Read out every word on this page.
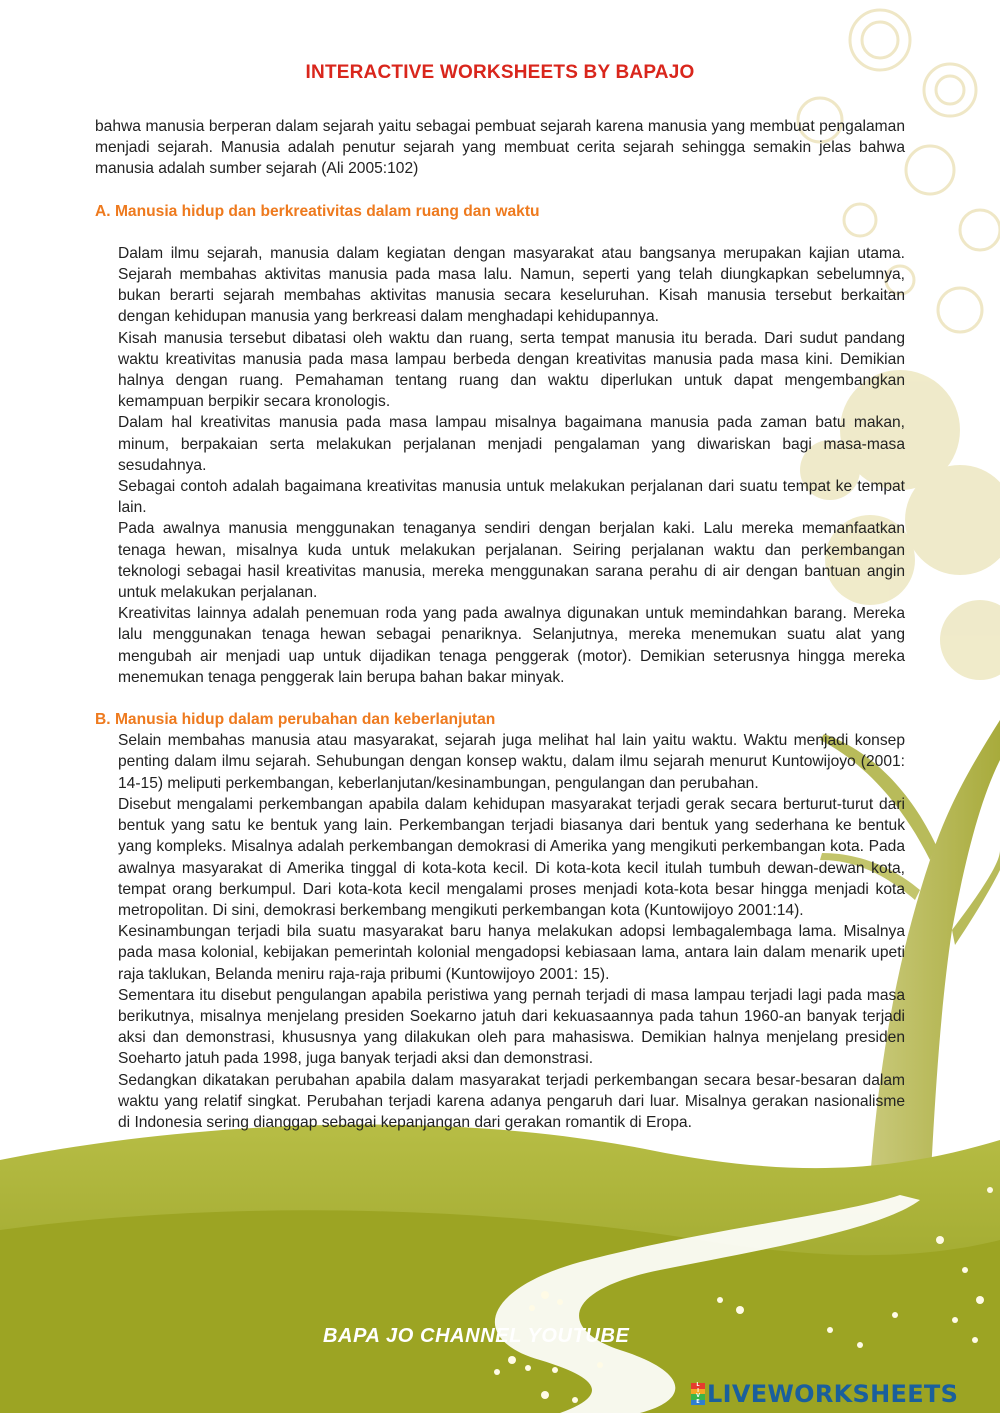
INTERACTIVE WORKSHEETS BY BAPAJO

bahwa manusia berperan dalam sejarah yaitu sebagai pembuat sejarah karena manusia yang membuat pengalaman menjadi sejarah. Manusia adalah penutur sejarah yang membuat cerita sejarah sehingga semakin jelas bahwa manusia adalah sumber sejarah (Ali 2005:102)

A. Manusia hidup dan berkreativitas dalam ruang dan waktu

Dalam ilmu sejarah, manusia dalam kegiatan dengan masyarakat atau bangsanya merupakan kajian utama. Sejarah membahas aktivitas manusia pada masa lalu. Namun, seperti yang telah diungkapkan sebelumnya, bukan berarti sejarah membahas aktivitas manusia secara keseluruhan. Kisah manusia tersebut berkaitan dengan kehidupan manusia yang berkreasi dalam menghadapi kehidupannya.

Kisah manusia tersebut dibatasi oleh waktu dan ruang, serta tempat manusia itu berada. Dari sudut pandang waktu kreativitas manusia pada masa lampau berbeda dengan kreativitas manusia pada masa kini. Demikian halnya dengan ruang. Pemahaman tentang ruang dan waktu diperlukan untuk dapat mengembangkan kemampuan berpikir secara kronologis.

Dalam hal kreativitas manusia pada masa lampau misalnya bagaimana manusia pada zaman batu makan, minum, berpakaian serta melakukan perjalanan menjadi pengalaman yang diwariskan bagi masa-masa sesudahnya.

Sebagai contoh adalah bagaimana kreativitas manusia untuk melakukan perjalanan dari suatu tempat ke tempat lain.

Pada awalnya manusia menggunakan tenaganya sendiri dengan berjalan kaki. Lalu mereka memanfaatkan tenaga hewan, misalnya kuda untuk melakukan perjalanan. Seiring perjalanan waktu dan perkembangan teknologi sebagai hasil kreativitas manusia, mereka menggunakan sarana perahu di air dengan bantuan angin untuk melakukan perjalanan.

Kreativitas lainnya adalah penemuan roda yang pada awalnya digunakan untuk memindahkan barang. Mereka lalu menggunakan tenaga hewan sebagai penariknya. Selanjutnya, mereka menemukan suatu alat yang mengubah air menjadi uap untuk dijadikan tenaga penggerak (motor). Demikian seterusnya hingga mereka menemukan tenaga penggerak lain berupa bahan bakar minyak.

B. Manusia hidup dalam perubahan dan keberlanjutan

Selain membahas manusia atau masyarakat, sejarah juga melihat hal lain yaitu waktu. Waktu menjadi konsep penting dalam ilmu sejarah. Sehubungan dengan konsep waktu, dalam ilmu sejarah menurut Kuntowijoyo (2001: 14-15) meliputi perkembangan, keberlanjutan/kesinambungan, pengulangan dan perubahan.

Disebut mengalami perkembangan apabila dalam kehidupan masyarakat terjadi gerak secara berturut-turut dari bentuk yang satu ke bentuk yang lain. Perkembangan terjadi biasanya dari bentuk yang sederhana ke bentuk yang kompleks. Misalnya adalah perkembangan demokrasi di Amerika yang mengikuti perkembangan kota. Pada awalnya masyarakat di Amerika tinggal di kota-kota kecil. Di kota-kota kecil itulah tumbuh dewan-dewan kota, tempat orang berkumpul. Dari kota-kota kecil mengalami proses menjadi kota-kota besar hingga menjadi kota metropolitan. Di sini, demokrasi berkembang mengikuti perkembangan kota (Kuntowijoyo 2001:14).

Kesinambungan terjadi bila suatu masyarakat baru hanya melakukan adopsi lembagalembaga lama. Misalnya pada masa kolonial, kebijakan pemerintah kolonial mengadopsi kebiasaan lama, antara lain dalam menarik upeti raja taklukan, Belanda meniru raja-raja pribumi (Kuntowijoyo 2001: 15).

Sementara itu disebut pengulangan apabila peristiwa yang pernah terjadi di masa lampau terjadi lagi pada masa berikutnya, misalnya menjelang presiden Soekarno jatuh dari kekuasaannya pada tahun 1960-an banyak terjadi aksi dan demonstrasi, khususnya yang dilakukan oleh para mahasiswa. Demikian halnya menjelang presiden Soeharto jatuh pada 1998, juga banyak terjadi aksi dan demonstrasi.

Sedangkan dikatakan perubahan apabila dalam masyarakat terjadi perkembangan secara besar-besaran dalam waktu yang relatif singkat. Perubahan terjadi karena adanya pengaruh dari luar. Misalnya gerakan nasionalisme di Indonesia sering dianggap sebagai kepanjangan dari gerakan romantik di Eropa.

BAPA JO CHANNEL YOUTUBE
L
I
V
E LIVEWORKSHEETS
